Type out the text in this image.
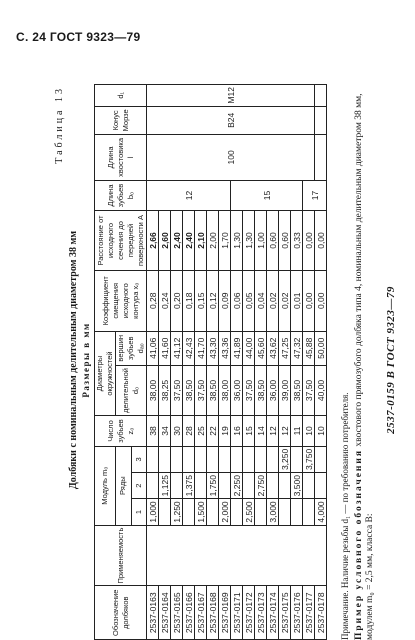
С. 24 ГОСТ 9323—79
Таблица 13
Долбяки с номинальным делительным диаметром 38 мм Размеры в мм
Обозначение долбяков	Применяемость	Модуль m₀			Число зубьев z₀	Диаметры окружностей		Коэффициент смещения исходного контура x₀	Расстояние от исходного сечения до передней поверхности A	Длина зубьев b₀	Длина хвостовика l	Конус Морзе	d₁
		Ряды				делительной d₀	вершин зубьев dₐ₀						
		1	2	3									
2537-0163		1,000			38	38,00	41,06	0,28	2,66	12	100	B24	M12
2537-0164			1,125		34	38,25	41,60	0,24	2,60				
2537-0165		1,250			30	37,50	41,12	0,20	2,40				
2537-0166			1,375		28	38,50	42,43	0,18	2,40				
2537-0167		1,500			25	37,50	41,70	0,15	2,10				
2537-0168			1,750		22	38,50	43,30	0,12	2,00				
2537-0169		2,000			19	38,00	43,36	0,09	1,70				
2537-0171			2,250		16	36,00	41,89	0,06	1,30	15			
2537-0172		2,500			15	37,50	44,00	0,05	1,30				
2537-0173			2,750		14	38,50	45,60	0,04	1,00				
2537-0174		3,000			12	36,00	43,62	0,02	0,60				
2537-0175				3,250	12	39,00	47,25	0,02	0,60				
2537-0176			3,500		11	38,50	47,32	0,01	0,33				
2537-0177				3,750	10	37,50	45,88	0,00	0,00	17			
2537-0178		4,000			10	40,00	50,00	0,00	0,00				
Примечание. Наличие резьбы d₁ — по требованию потребителя. Пример условного обозначения хвостового прямозубого долбяка типа 4, номинальным делительным диаметром 38 мм, модулем m₀ = 2,5 мм, класса В:
2537-0159 В ГОСТ 9323—79
